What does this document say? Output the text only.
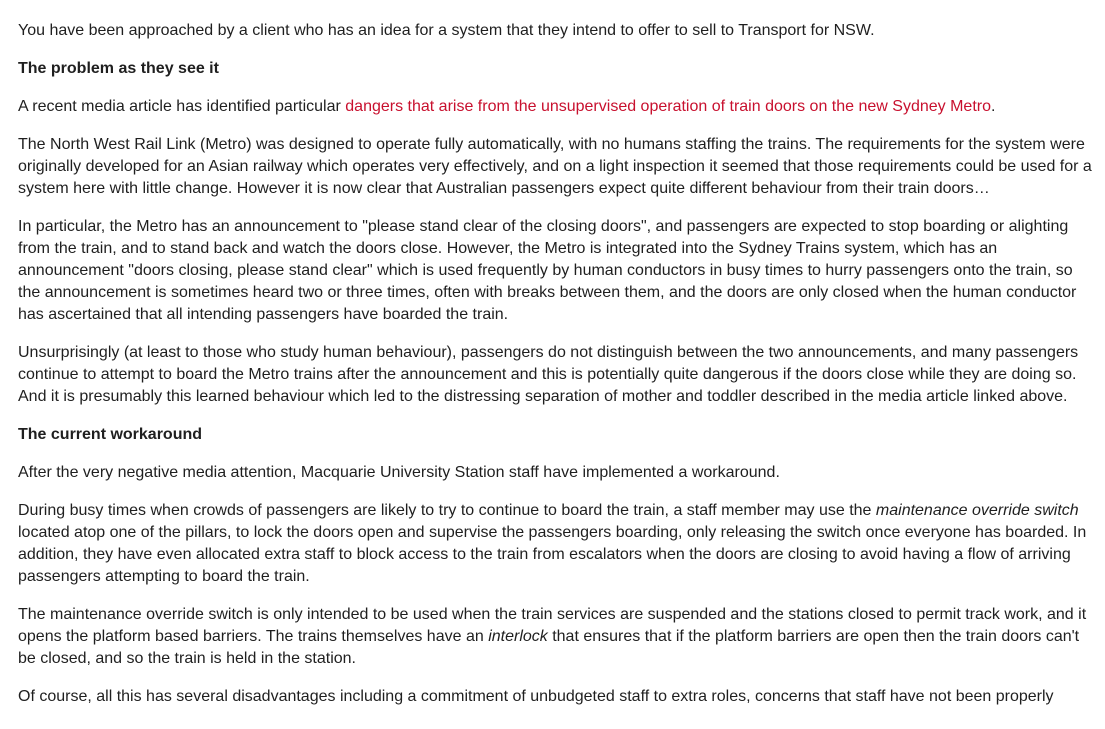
You have been approached by a client who has an idea for a system that they intend to offer to sell to Transport for NSW.

The problem as they see it

A recent media article has identified particular dangers that arise from the unsupervised operation of train doors on the new Sydney Metro.

The North West Rail Link (Metro) was designed to operate fully automatically, with no humans staffing the trains. The requirements for the system were originally developed for an Asian railway which operates very effectively, and on a light inspection it seemed that those requirements could be used for a system here with little change. However it is now clear that Australian passengers expect quite different behaviour from their train doors…

In particular, the Metro has an announcement to "please stand clear of the closing doors", and passengers are expected to stop boarding or alighting from the train, and to stand back and watch the doors close. However, the Metro is integrated into the Sydney Trains system, which has an announcement "doors closing, please stand clear" which is used frequently by human conductors in busy times to hurry passengers onto the train, so the announcement is sometimes heard two or three times, often with breaks between them, and the doors are only closed when the human conductor has ascertained that all intending passengers have boarded the train.

Unsurprisingly (at least to those who study human behaviour), passengers do not distinguish between the two announcements, and many passengers continue to attempt to board the Metro trains after the announcement and this is potentially quite dangerous if the doors close while they are doing so. And it is presumably this learned behaviour which led to the distressing separation of mother and toddler described in the media article linked above.

The current workaround

After the very negative media attention, Macquarie University Station staff have implemented a workaround.

During busy times when crowds of passengers are likely to try to continue to board the train, a staff member may use the maintenance override switch located atop one of the pillars, to lock the doors open and supervise the passengers boarding, only releasing the switch once everyone has boarded. In addition, they have even allocated extra staff to block access to the train from escalators when the doors are closing to avoid having a flow of arriving passengers attempting to board the train.

The maintenance override switch is only intended to be used when the train services are suspended and the stations closed to permit track work, and it opens the platform based barriers. The trains themselves have an interlock that ensures that if the platform barriers are open then the train doors can't be closed, and so the train is held in the station.

Of course, all this has several disadvantages including a commitment of unbudgeted staff to extra roles, concerns that staff have not been properly
